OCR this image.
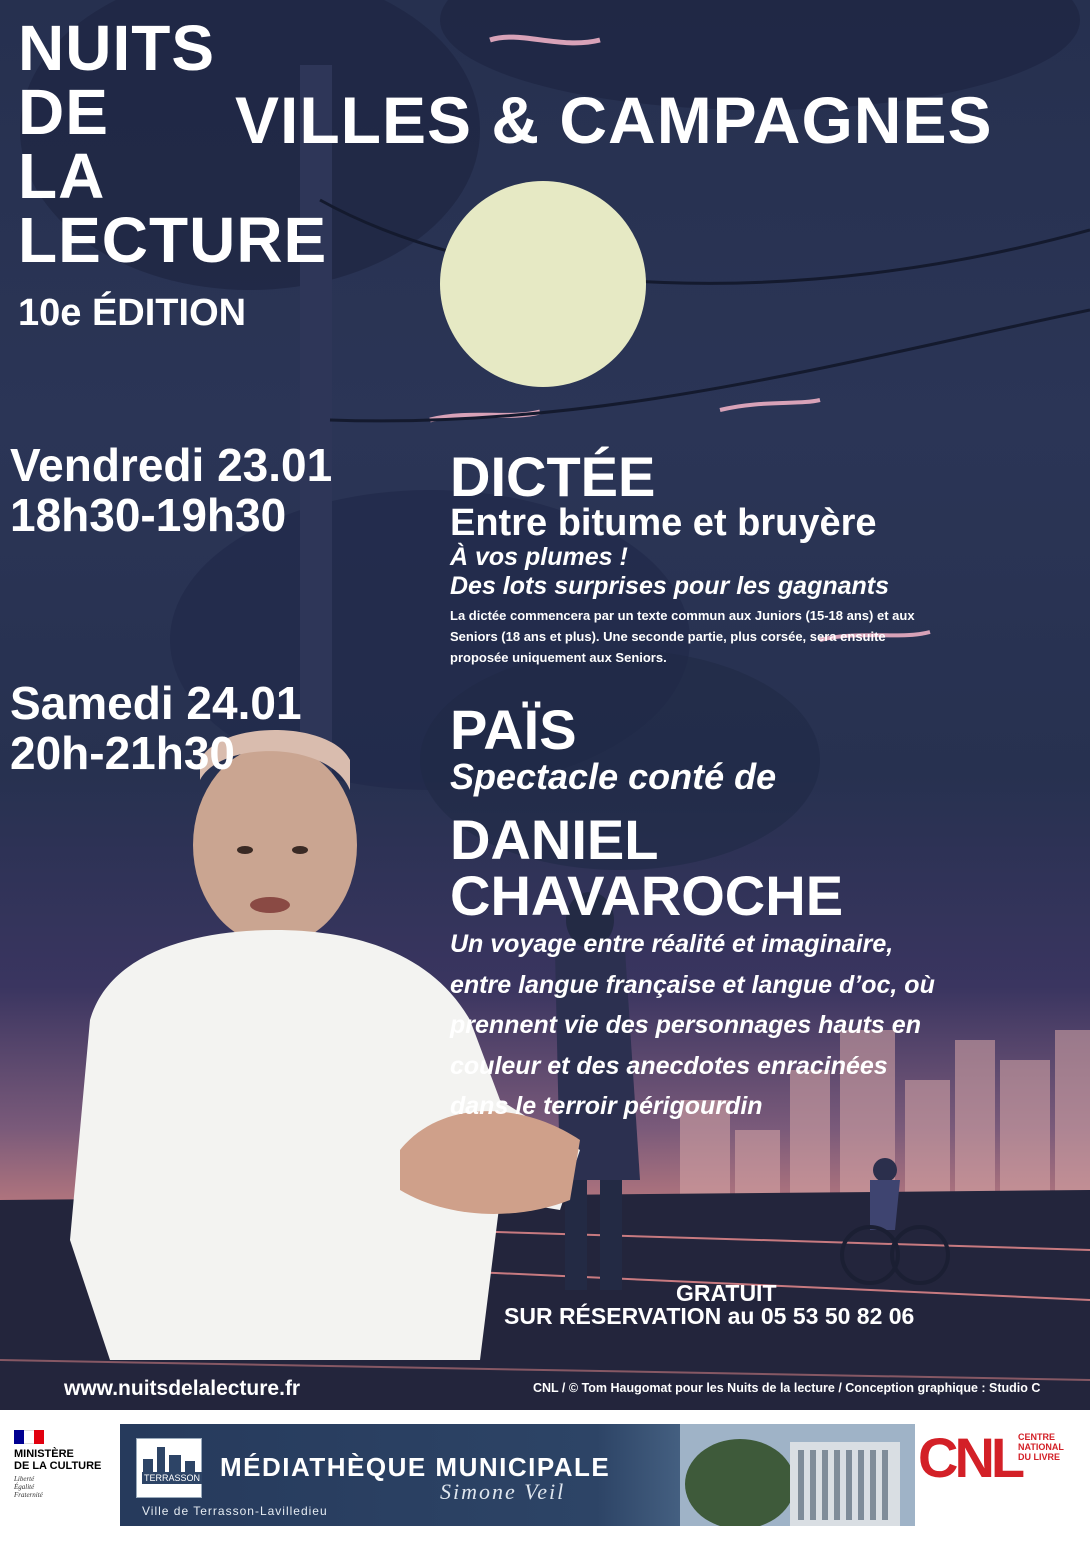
NUITS
DE
LA
LECTURE
10e ÉDITION
VILLES & CAMPAGNES
Vendredi 23.01
18h30-19h30
DICTÉE
Entre bitume et bruyère
À vos plumes !
Des lots surprises pour les gagnants
La dictée commencera par un texte commun aux Juniors (15-18 ans) et aux
Seniors (18 ans et plus). Une seconde partie, plus corsée, sera ensuite
proposée uniquement aux Seniors.
Samedi 24.01
20h-21h30	PAÏS
Spectacle conté de
DANIEL
CHAVAROCHE
Un voyage entre réalité et imaginaire,
entre langue française et langue d’oc, où
prennent vie des personnages hauts en
couleur et des anecdotes enracinées
dans le terroir périgourdin
GRATUIT
SUR RÉSERVATION au 05 53 50 82 06
www.nuitsdelalecture.fr	CNL / © Tom Haugomat pour les Nuits de la lecture / Conception graphique : Studio C
MINISTÈRE
DE LA CULTURE
Liberté
Égalité
Fraternité
TERRASSON MÉDIATHÈQUE MUNICIPALE
Simone Veil
Ville de Terrasson-Lavilledieu
CNL
CENTRE
NATIONAL
DU LIVRE
